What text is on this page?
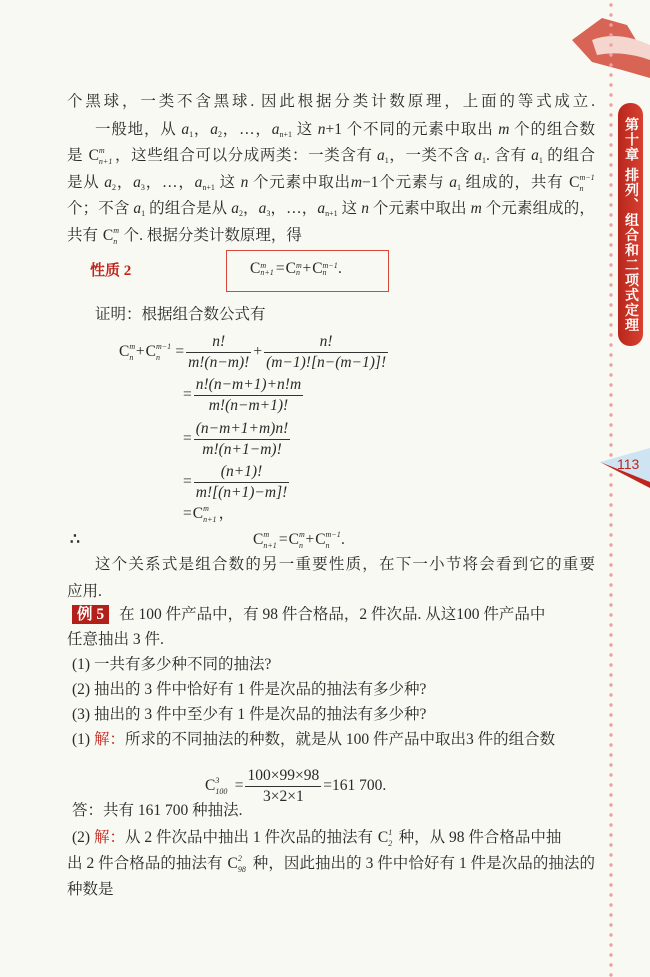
第十章 排列、组合和二项式定理
113
个黑球，一类不含黑球. 因此根据分类计数原理，上面的等式成立.
一般地，从 $a_1$，$a_2$，…，$a_{n+1}$ 这 n+1 个不同的元素中取出 m 个的组合数
是 C m
n+1 ，这些组合可以分成两类：一类含有 $a_1$，一类不含 $a_1$. 含有 $a_1$ 的组合
是从 $a_2$，$a_3$，…，$a_{n+1}$ 这 n 个元素中取出m−1个元素与 $a_1$ 组成的，共有 C m−1
n
个；不含 $a_1$ 的组合是从 $a_2$，$a_3$，…，$a_{n+1}$ 这 n 个元素中取出 m 个元素组成的，
共有 C m
n 个. 根据分类计数原理，得
性质 2	C m
n+1 =C m
n +C m−1
n .
证明：根据组合数公式有
C m
n +C m−1
$n = \frac{n!}{m!(n-m)!} + \frac{n!}{(m-1)![n-(m-1)]!}$
= $\frac{n!(n-m+1)+n!m}{m!(n-m+1)!}$
= $\frac{(n-m+1+m)n!}{m!(n+1-m)!}$
= $\frac{(n+1)!}{m![(n+1)-m]!}$
=C m
n+1 ，
∴	C m
n+1 =C m
n +C m−1
n .
这个关系式是组合数的另一重要性质，在下一小节将会看到它的重要
应用.
例 5 在 100 件产品中，有 98 件合格品，2 件次品. 从这100 件产品中
任意抽出 3 件.
(1) 一共有多少种不同的抽法?
(2) 抽出的 3 件中恰好有 1 件是次品的抽法有多少种?
(3) 抽出的 3 件中至少有 1 件是次品的抽法有多少种?
(1) 解：所求的不同抽法的种数，就是从 100 件产品中取出3 件的组合数
C 3
$100 = \frac{100\times 99\times 98}{3\times 2\times 1} =161$ 700.
答：共有 161 700 种抽法.
(2) 解：从 2 件次品中抽出 1 件次品的抽法有 C 1
2 种，从 98 件合格品中抽
出 2 件合格品的抽法有 C 2
98 种，因此抽出的 3 件中恰好有 1 件是次品的抽法的
种数是
